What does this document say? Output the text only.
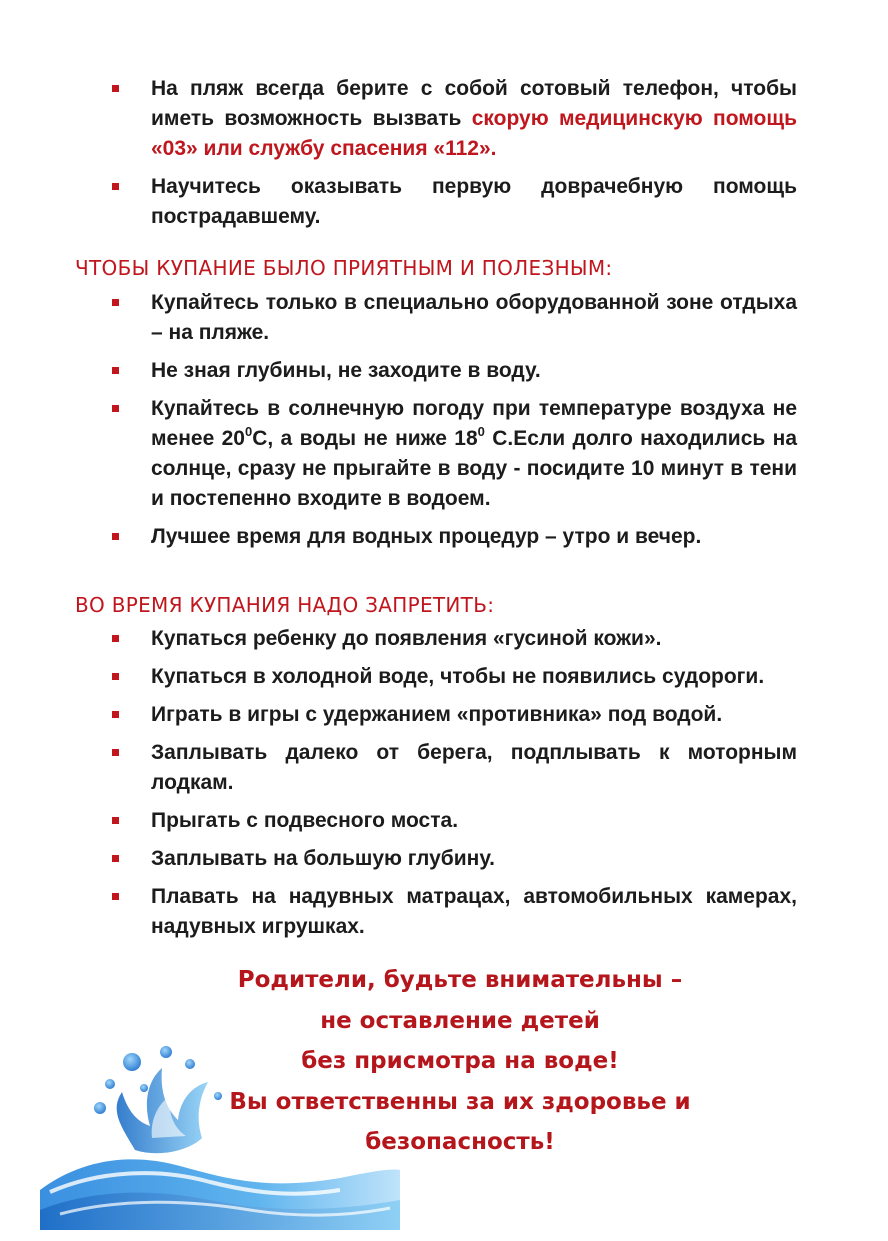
На пляж всегда берите с собой сотовый телефон, чтобы иметь возможность вызвать скорую медицинскую помощь «03» или службу спасения «112».
Научитесь оказывать первую доврачебную помощь пострадавшему.
ЧТОБЫ КУПАНИЕ БЫЛО ПРИЯТНЫМ И ПОЛЕЗНЫМ:
Купайтесь только в специально оборудованной зоне отдыха – на пляже.
Не зная глубины, не заходите в воду.
Купайтесь в солнечную погоду при температуре воздуха не менее $20^0С$, а воды не ниже $18^0$ С.Если долго находились на солнце, сразу не прыгайте в воду - посидите 10 минут в тени и постепенно входите в водоем.
Лучшее время для водных процедур – утро и вечер.
ВО ВРЕМЯ КУПАНИЯ НАДО ЗАПРЕТИТЬ:
Купаться ребенку до появления «гусиной кожи».
Купаться в холодной воде, чтобы не появились судороги.
Играть в игры с удержанием «противника» под водой.
Заплывать далеко от берега, подплывать к моторным лодкам.
Прыгать с подвесного моста.
Заплывать на большую глубину.
Плавать на надувных матрацах, автомобильных камерах, надувных игрушках.
Родители, будьте внимательны –
не оставление детей
без присмотра на воде!
Вы ответственны за их здоровье и
безопасность!
